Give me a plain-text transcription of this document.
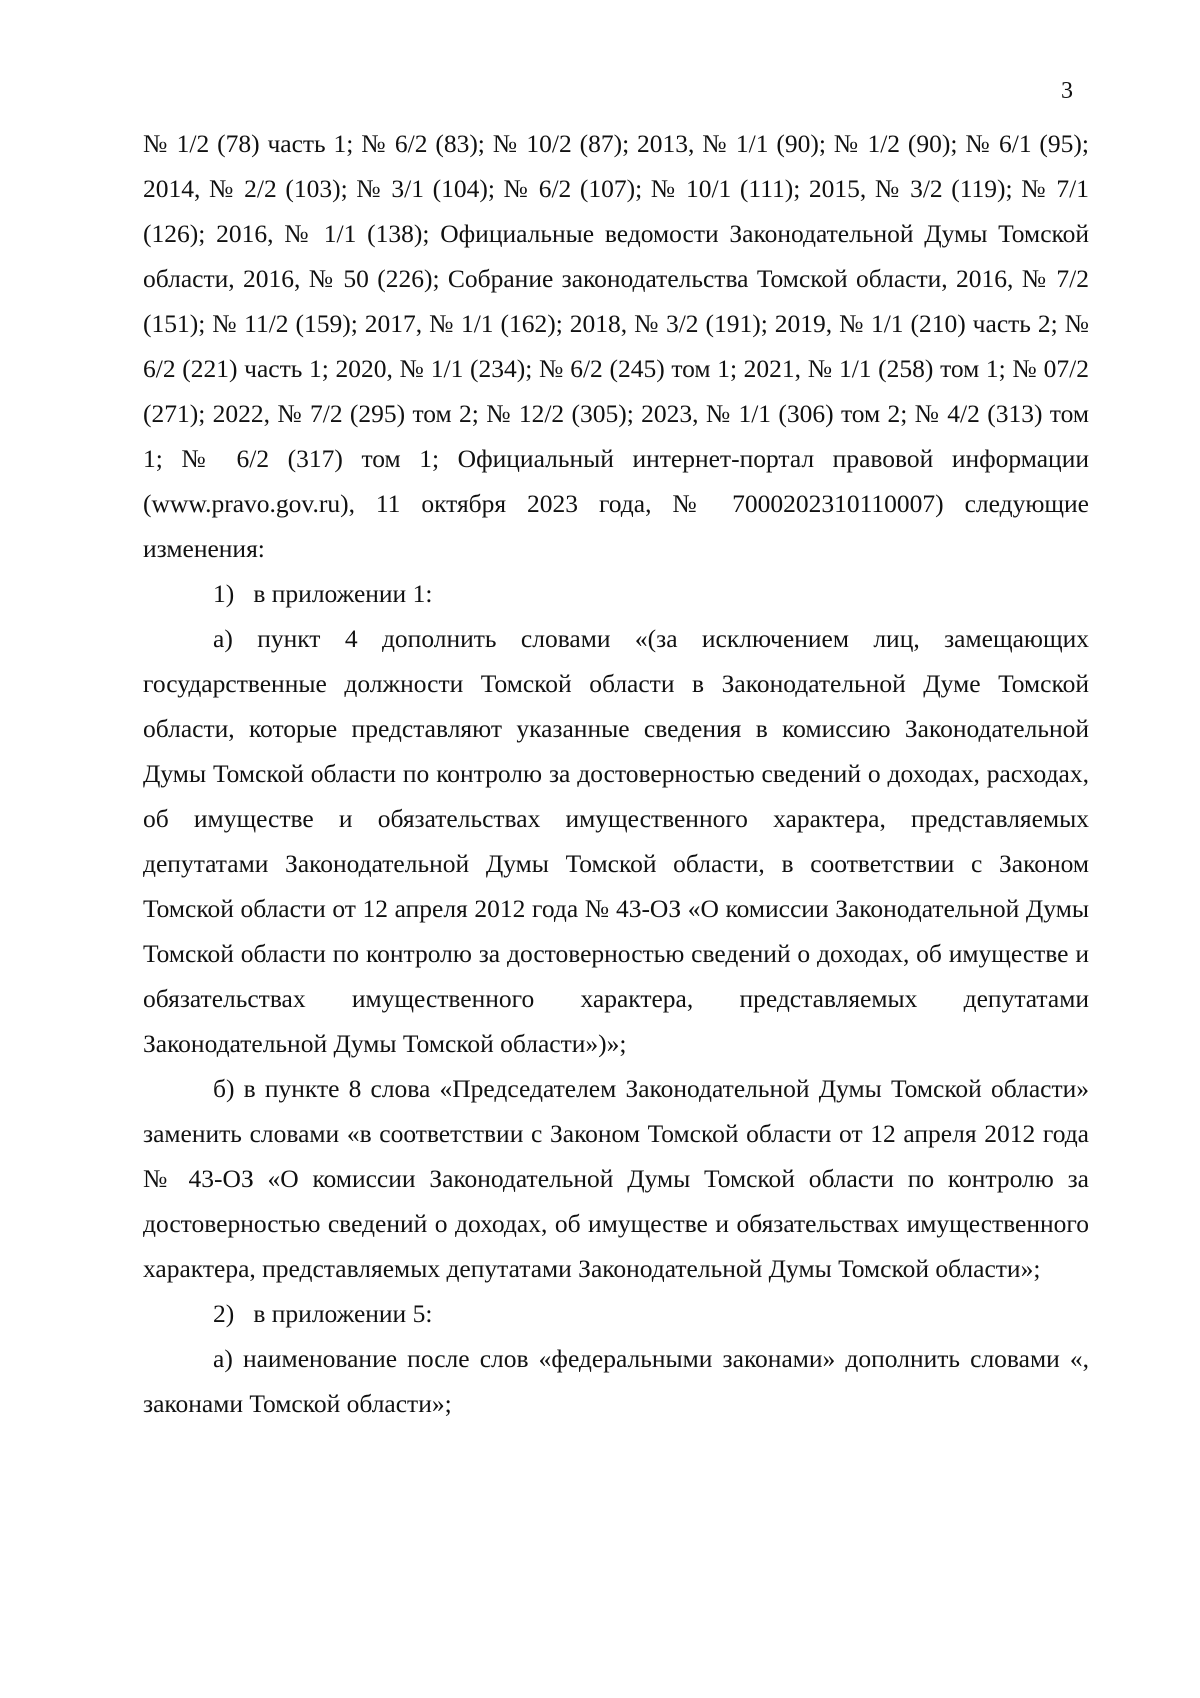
3

№ 1/2 (78) часть 1; № 6/2 (83); № 10/2 (87); 2013, № 1/1 (90); № 1/2 (90); № 6/1 (95); 2014, № 2/2 (103); № 3/1 (104); № 6/2 (107); № 10/1 (111); 2015, № 3/2 (119); № 7/1 (126); 2016, № 1/1 (138); Официальные ведомости Законодательной Думы Томской области, 2016, № 50 (226); Собрание законодательства Томской области, 2016, № 7/2 (151); № 11/2 (159); 2017, № 1/1 (162); 2018, № 3/2 (191); 2019, № 1/1 (210) часть 2; № 6/2 (221) часть 1; 2020, № 1/1 (234); № 6/2 (245) том 1; 2021, № 1/1 (258) том 1; № 07/2 (271); 2022, № 7/2 (295) том 2; № 12/2 (305); 2023, № 1/1 (306) том 2; № 4/2 (313) том 1; № 6/2 (317) том 1; Официальный интернет-портал правовой информации (www.pravo.gov.ru), 11 октября 2023 года, № 7000202310110007) следующие изменения:

1)   в приложении 1:

а) пункт 4 дополнить словами «(за исключением лиц, замещающих государственные должности Томской области в Законодательной Думе Томской области, которые представляют указанные сведения в комиссию Законодательной Думы Томской области по контролю за достоверностью сведений о доходах, расходах, об имуществе и обязательствах имущественного характера, представляемых депутатами Законодательной Думы Томской области, в соответствии с Законом Томской области от 12 апреля 2012 года № 43-ОЗ «О комиссии Законодательной Думы Томской области по контролю за достоверностью сведений о доходах, об имуществе и обязательствах имущественного характера, представляемых депутатами Законодательной Думы Томской области»)»;

б) в пункте 8 слова «Председателем Законодательной Думы Томской области» заменить словами «в соответствии с Законом Томской области от 12 апреля 2012 года № 43-ОЗ «О комиссии Законодательной Думы Томской области по контролю за достоверностью сведений о доходах, об имуществе и обязательствах имущественного характера, представляемых депутатами Законодательной Думы Томской области»;

2)   в приложении 5:

а) наименование после слов «федеральными законами» дополнить словами «, законами Томской области»;
